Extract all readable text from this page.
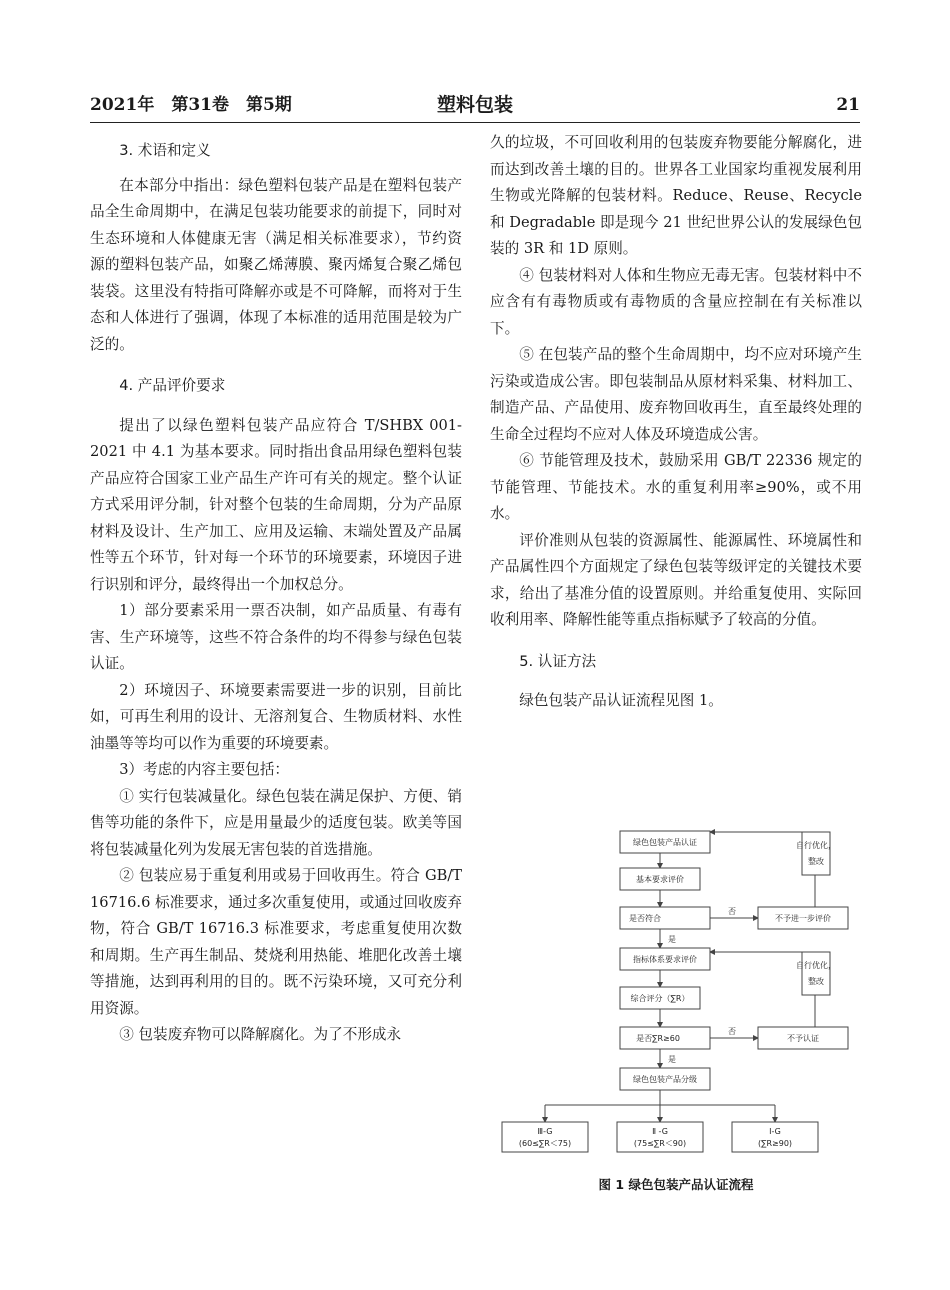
2021年　第31卷　第5期	塑料包装	21
3. 术语和定义

在本部分中指出：绿色塑料包装产品是在塑料包装产品全生命周期中，在满足包装功能要求的前提下，同时对生态环境和人体健康无害（满足相关标准要求），节约资源的塑料包装产品，如聚乙烯薄膜、聚丙烯复合聚乙烯包装袋。这里没有特指可降解亦或是不可降解，而将对于生态和人体进行了强调，体现了本标准的适用范围是较为广泛的。

4. 产品评价要求

提出了以绿色塑料包装产品应符合 T/SHBX 001-2021 中 4.1 为基本要求。同时指出食品用绿色塑料包装产品应符合国家工业产品生产许可有关的规定。整个认证方式采用评分制，针对整个包装的生命周期，分为产品原材料及设计、生产加工、应用及运输、末端处置及产品属性等五个环节，针对每一个环节的环境要素，环境因子进行识别和评分，最终得出一个加权总分。

1）部分要素采用一票否决制，如产品质量、有毒有害、生产环境等，这些不符合条件的均不得参与绿色包装认证。

2）环境因子、环境要素需要进一步的识别，目前比如，可再生利用的设计、无溶剂复合、生物质材料、水性油墨等等均可以作为重要的环境要素。

3）考虑的内容主要包括：

① 实行包装减量化。绿色包装在满足保护、方便、销售等功能的条件下，应是用量最少的适度包装。欧美等国将包装减量化列为发展无害包装的首选措施。

② 包装应易于重复利用或易于回收再生。符合 GB/T 16716.6 标准要求，通过多次重复使用，或通过回收废弃物，符合 GB/T 16716.3 标准要求，考虑重复使用次数和周期。生产再生制品、焚烧利用热能、堆肥化改善土壤等措施，达到再利用的目的。既不污染环境，又可充分利用资源。

③ 包装废弃物可以降解腐化。为了不形成永

久的垃圾，不可回收利用的包装废弃物要能分解腐化，进而达到改善土壤的目的。世界各工业国家均重视发展利用生物或光降解的包装材料。Reduce、Reuse、Recycle 和 Degradable 即是现今 21 世纪世界公认的发展绿色包装的 3R 和 1D 原则。

④ 包装材料对人体和生物应无毒无害。包装材料中不应含有有毒物质或有毒物质的含量应控制在有关标准以下。

⑤ 在包装产品的整个生命周期中，均不应对环境产生污染或造成公害。即包装制品从原材料采集、材料加工、制造产品、产品使用、废弃物回收再生，直至最终处理的生命全过程均不应对人体及环境造成公害。

⑥ 节能管理及技术，鼓励采用 GB/T 22336 规定的节能管理、节能技术。水的重复利用率≥90%，或不用水。

评价准则从包装的资源属性、能源属性、环境属性和产品属性四个方面规定了绿色包装等级评定的关键技术要求，给出了基准分值的设置原则。并给重复使用、实际回收利用率、降解性能等重点指标赋予了较高的分值。

5. 认证方法

绿色包装产品认证流程见图 1。

绿色包装产品认证
基本要求评价
是否符合	不予进一步评价
自行优化，
整改
否
是
指标体系要求评价
综合评分（∑R）
是否∑R≥60	不予认证
自行优化，
整改
否
是
绿色包装产品分级
Ⅲ-G
(60≤∑R＜75)
Ⅱ -G
(75≤∑R＜90)
Ⅰ-G
(∑R≥90)
图 1 绿色包装产品认证流程
